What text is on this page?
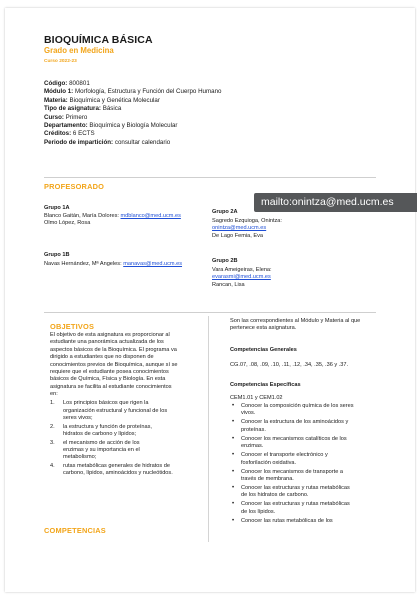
BIOQUÍMICA BÁSICA
Grado en Medicina
Curso 2022-23
Código: 800801
Módulo 1: Morfología, Estructura y Función del Cuerpo Humano
Materia: Bioquímica y Genética Molecular
Tipo de asignatura: Básica
Curso: Primero
Departamento: Bioquímica y Biología Molecular
Créditos: 6 ECTS
Periodo de impartición: consultar calendario
PROFESORADO
Grupo 1A
Blanco Gaitán, María Dolores: mdblanco@med.ucm.es
Olmo López, Rosa
Grupo 1B
Navas Hernández, Mª Angeles: manavas@med.ucm.es
Grupo 2A
Sagredo Ezquioga, Onintza:
onintza@med.ucm.es
De Lago Femia, Eva
Grupo 2B
Vara Ameigeiras, Elena:
evarasmi@med.ucm.es
Rancan, Lisa
mailto:onintza@med.ucm.es
OBJETIVOS
El objetivo de esta asignatura es proporcionar al
estudiante una panorámica actualizada de los
aspectos básicos de la Bioquímica. El programa va
dirigido a estudiantes que no disponen de
conocimientos previos de Bioquímica, aunque sí se
requiere que el estudiante posea conocimientos
básicos de Química, Física y Biología. En esta
asignatura se facilita al estudiante conocimientos
en:
1. Los principios básicos que rigen la
organización estructural y funcional de los
seres vivos;
2. la estructura y función de proteínas,
hidratos de carbono y lípidos;
3. el mecanismo de acción de los
enzimas y su importancia en el
metabolismo;
4. rutas metabólicas generales de hidratos de
carbono, lípidos, aminoácidos y nucleótidos.
COMPETENCIAS
Son las correspondientes al Módulo y Materia al que
pertenece esta asignatura.
Competencias Generales
CG.07, .08, .09, .10, .11, .12, .34, .35, .36 y .37.
Competencias Específicas
CEM1.01 y CEM1.02
• Conocer la composición química de los seres
vivos.
• Conocer la estructura de los aminoácidos y
proteínas.
• Conocer los mecanismos catalíticos de los
enzimas.
• Conocer el transporte electrónico y
fosforilación oxidativa.
• Conocer los mecanismos de transporte a
través de membrana.
• Conocer las estructuras y rutas metabólicas
de los hidratos de carbono.
• Conocer las estructuras y rutas metabólicas
de los lípidos.
• Conocer las rutas metabólicas de los
